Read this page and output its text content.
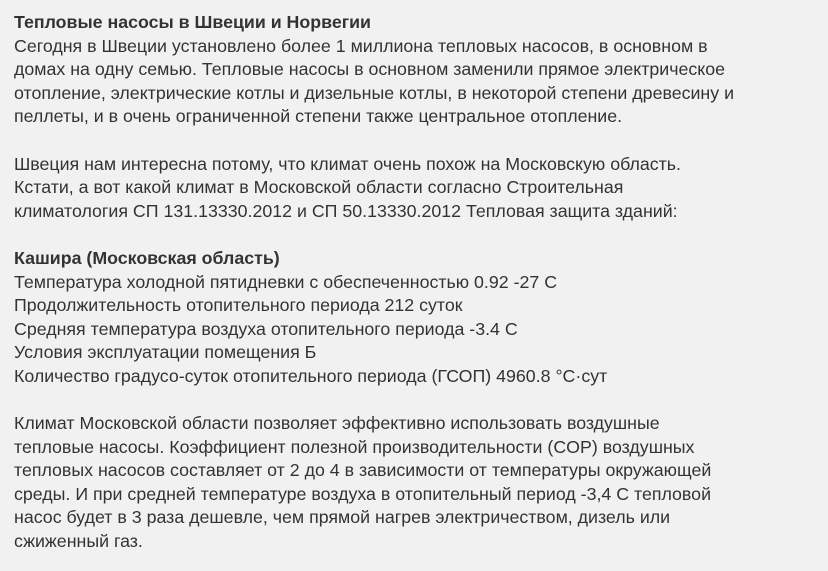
Тепловые насосы в Швеции и Норвегии
Сегодня в Швеции установлено более 1 миллиона тепловых насосов, в основном в
домах на одну семью. Тепловые насосы в основном заменили прямое электрическое
отопление, электрические котлы и дизельные котлы, в некоторой степени древесину и
пеллеты, и в очень ограниченной степени также центральное отопление.
Швеция нам интересна потому, что климат очень похож на Московскую область.
Кстати, а вот какой климат в Московской области согласно Строительная
климатология СП 131.13330.2012 и СП 50.13330.2012 Тепловая защита зданий:
Кашира (Московская область)
Температура холодной пятидневки с обеспеченностью 0.92 -27 С
Продолжительность отопительного периода 212 суток
Средняя температура воздуха отопительного периода -3.4 С
Условия эксплуатации помещения Б
Количество градусо-суток отопительного периода (ГСОП) 4960.8 °С·сут
Климат Московской области позволяет эффективно использовать воздушные
тепловые насосы. Коэффициент полезной производительности (COP) воздушных
тепловых насосов составляет от 2 до 4 в зависимости от температуры окружающей
среды. И при средней температуре воздуха в отопительный период -3,4 С тепловой
насос будет в 3 раза дешевле, чем прямой нагрев электричеством, дизель или
сжиженный газ.
